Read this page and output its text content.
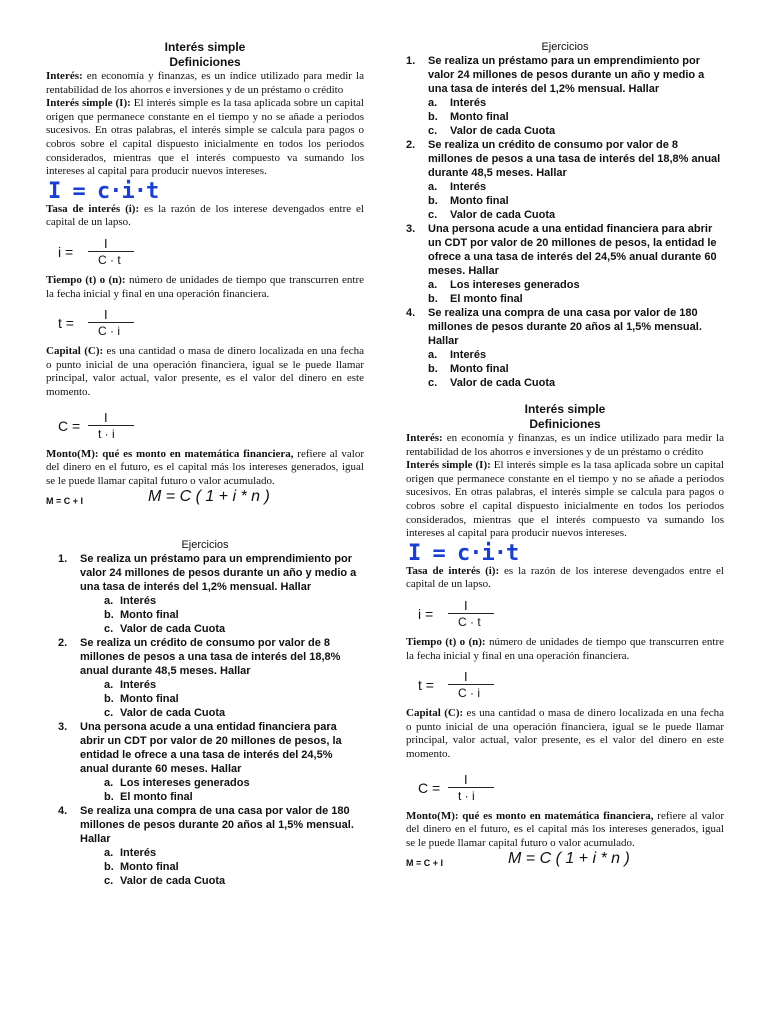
Interés simple
Definiciones

Interés: en economía y finanzas, es un índice utilizado para medir la rentabilidad de los ahorros e inversiones y de un préstamo o crédito

Interés simple (I): El interés simple es la tasa aplicada sobre un capital origen que permanece constante en el tiempo y no se añade a periodos sucesivos. En otras palabras, el interés simple se calcula para pagos o cobros sobre el capital dispuesto inicialmente en todos los periodos considerados, mientras que el interés compuesto va sumando los intereses al capital para producir nuevos intereses.

I = c·i·t

Tasa de interés (i): es la razón de los interese devengados entre el capital de un lapso.

i =
I
C · t

Tiempo (t) o (n): número de unidades de tiempo que transcurren entre la fecha inicial y final en una operación financiera.

t =
I
C · i

Capital (C): es una cantidad o masa de dinero localizada en una fecha o punto inicial de una operación financiera, igual se le puede llamar principal, valor actual, valor presente, es el valor del dinero en este momento.

C =
I
t · i

Monto(M): qué es monto en matemática financiera, refiere al valor del dinero en el futuro, es el capital más los intereses generados, igual se le puede llamar capital futuro o valor acumulado.

M = C + I	M = C ( 1 + i * n )
Ejercicios
1.	Se realiza un préstamo para un emprendimiento por valor 24 millones de pesos durante un año y medio a una tasa de interés del 1,2% mensual. Hallar
a. Interés
b. Monto final
c. Valor de cada Cuota
2.	Se realiza un crédito de consumo por valor de 8 millones de pesos a una tasa de interés del 18,8% anual durante 48,5 meses. Hallar
a. Interés
b. Monto final
c. Valor de cada Cuota
3.	Una persona acude a una entidad financiera para abrir un CDT por valor de 20 millones de pesos, la entidad le ofrece a una tasa de interés del 24,5% anual durante 60 meses. Hallar
a. Los intereses generados
b. El monto final
4.	Se realiza una compra de una casa por valor de 180 millones de pesos durante 20 años al 1,5% mensual. Hallar
a. Interés
b. Monto final
c. Valor de cada Cuota
Ejercicios
1.	Se realiza un préstamo para un emprendimiento por valor 24 millones de pesos durante un año y medio a una tasa de interés del 1,2% mensual. Hallar
a.	Interés
b.	Monto final
c.	Valor de cada Cuota
2.	Se realiza un crédito de consumo por valor de 8 millones de pesos a una tasa de interés del 18,8% anual durante 48,5 meses. Hallar
a.	Interés
b.	Monto final
c.	Valor de cada Cuota
3.	Una persona acude a una entidad financiera para abrir un CDT por valor de 20 millones de pesos, la entidad le ofrece a una tasa de interés del 24,5% anual durante 60 meses. Hallar
a.	Los intereses generados
b.	El monto final
4.	Se realiza una compra de una casa por valor de 180 millones de pesos durante 20 años al 1,5% mensual. Hallar
a.	Interés
b.	Monto final
c.	Valor de cada Cuota
Interés simple
Definiciones

Interés: en economía y finanzas, es un índice utilizado para medir la rentabilidad de los ahorros e inversiones y de un préstamo o crédito

Interés simple (I): El interés simple es la tasa aplicada sobre un capital origen que permanece constante en el tiempo y no se añade a periodos sucesivos. En otras palabras, el interés simple se calcula para pagos o cobros sobre el capital dispuesto inicialmente en todos los periodos considerados, mientras que el interés compuesto va sumando los intereses al capital para producir nuevos intereses.

I = c·i·t

Tasa de interés (i): es la razón de los interese devengados entre el capital de un lapso.

i =
I
C · t

Tiempo (t) o (n): número de unidades de tiempo que transcurren entre la fecha inicial y final en una operación financiera.

t =
I
C · i

Capital (C): es una cantidad o masa de dinero localizada en una fecha o punto inicial de una operación financiera, igual se le puede llamar principal, valor actual, valor presente, es el valor del dinero en este momento.

C =
I
t · i

Monto(M): qué es monto en matemática financiera, refiere al valor del dinero en el futuro, es el capital más los intereses generados, igual se le puede llamar capital futuro o valor acumulado.

M = C + I	M = C ( 1 + i * n )
